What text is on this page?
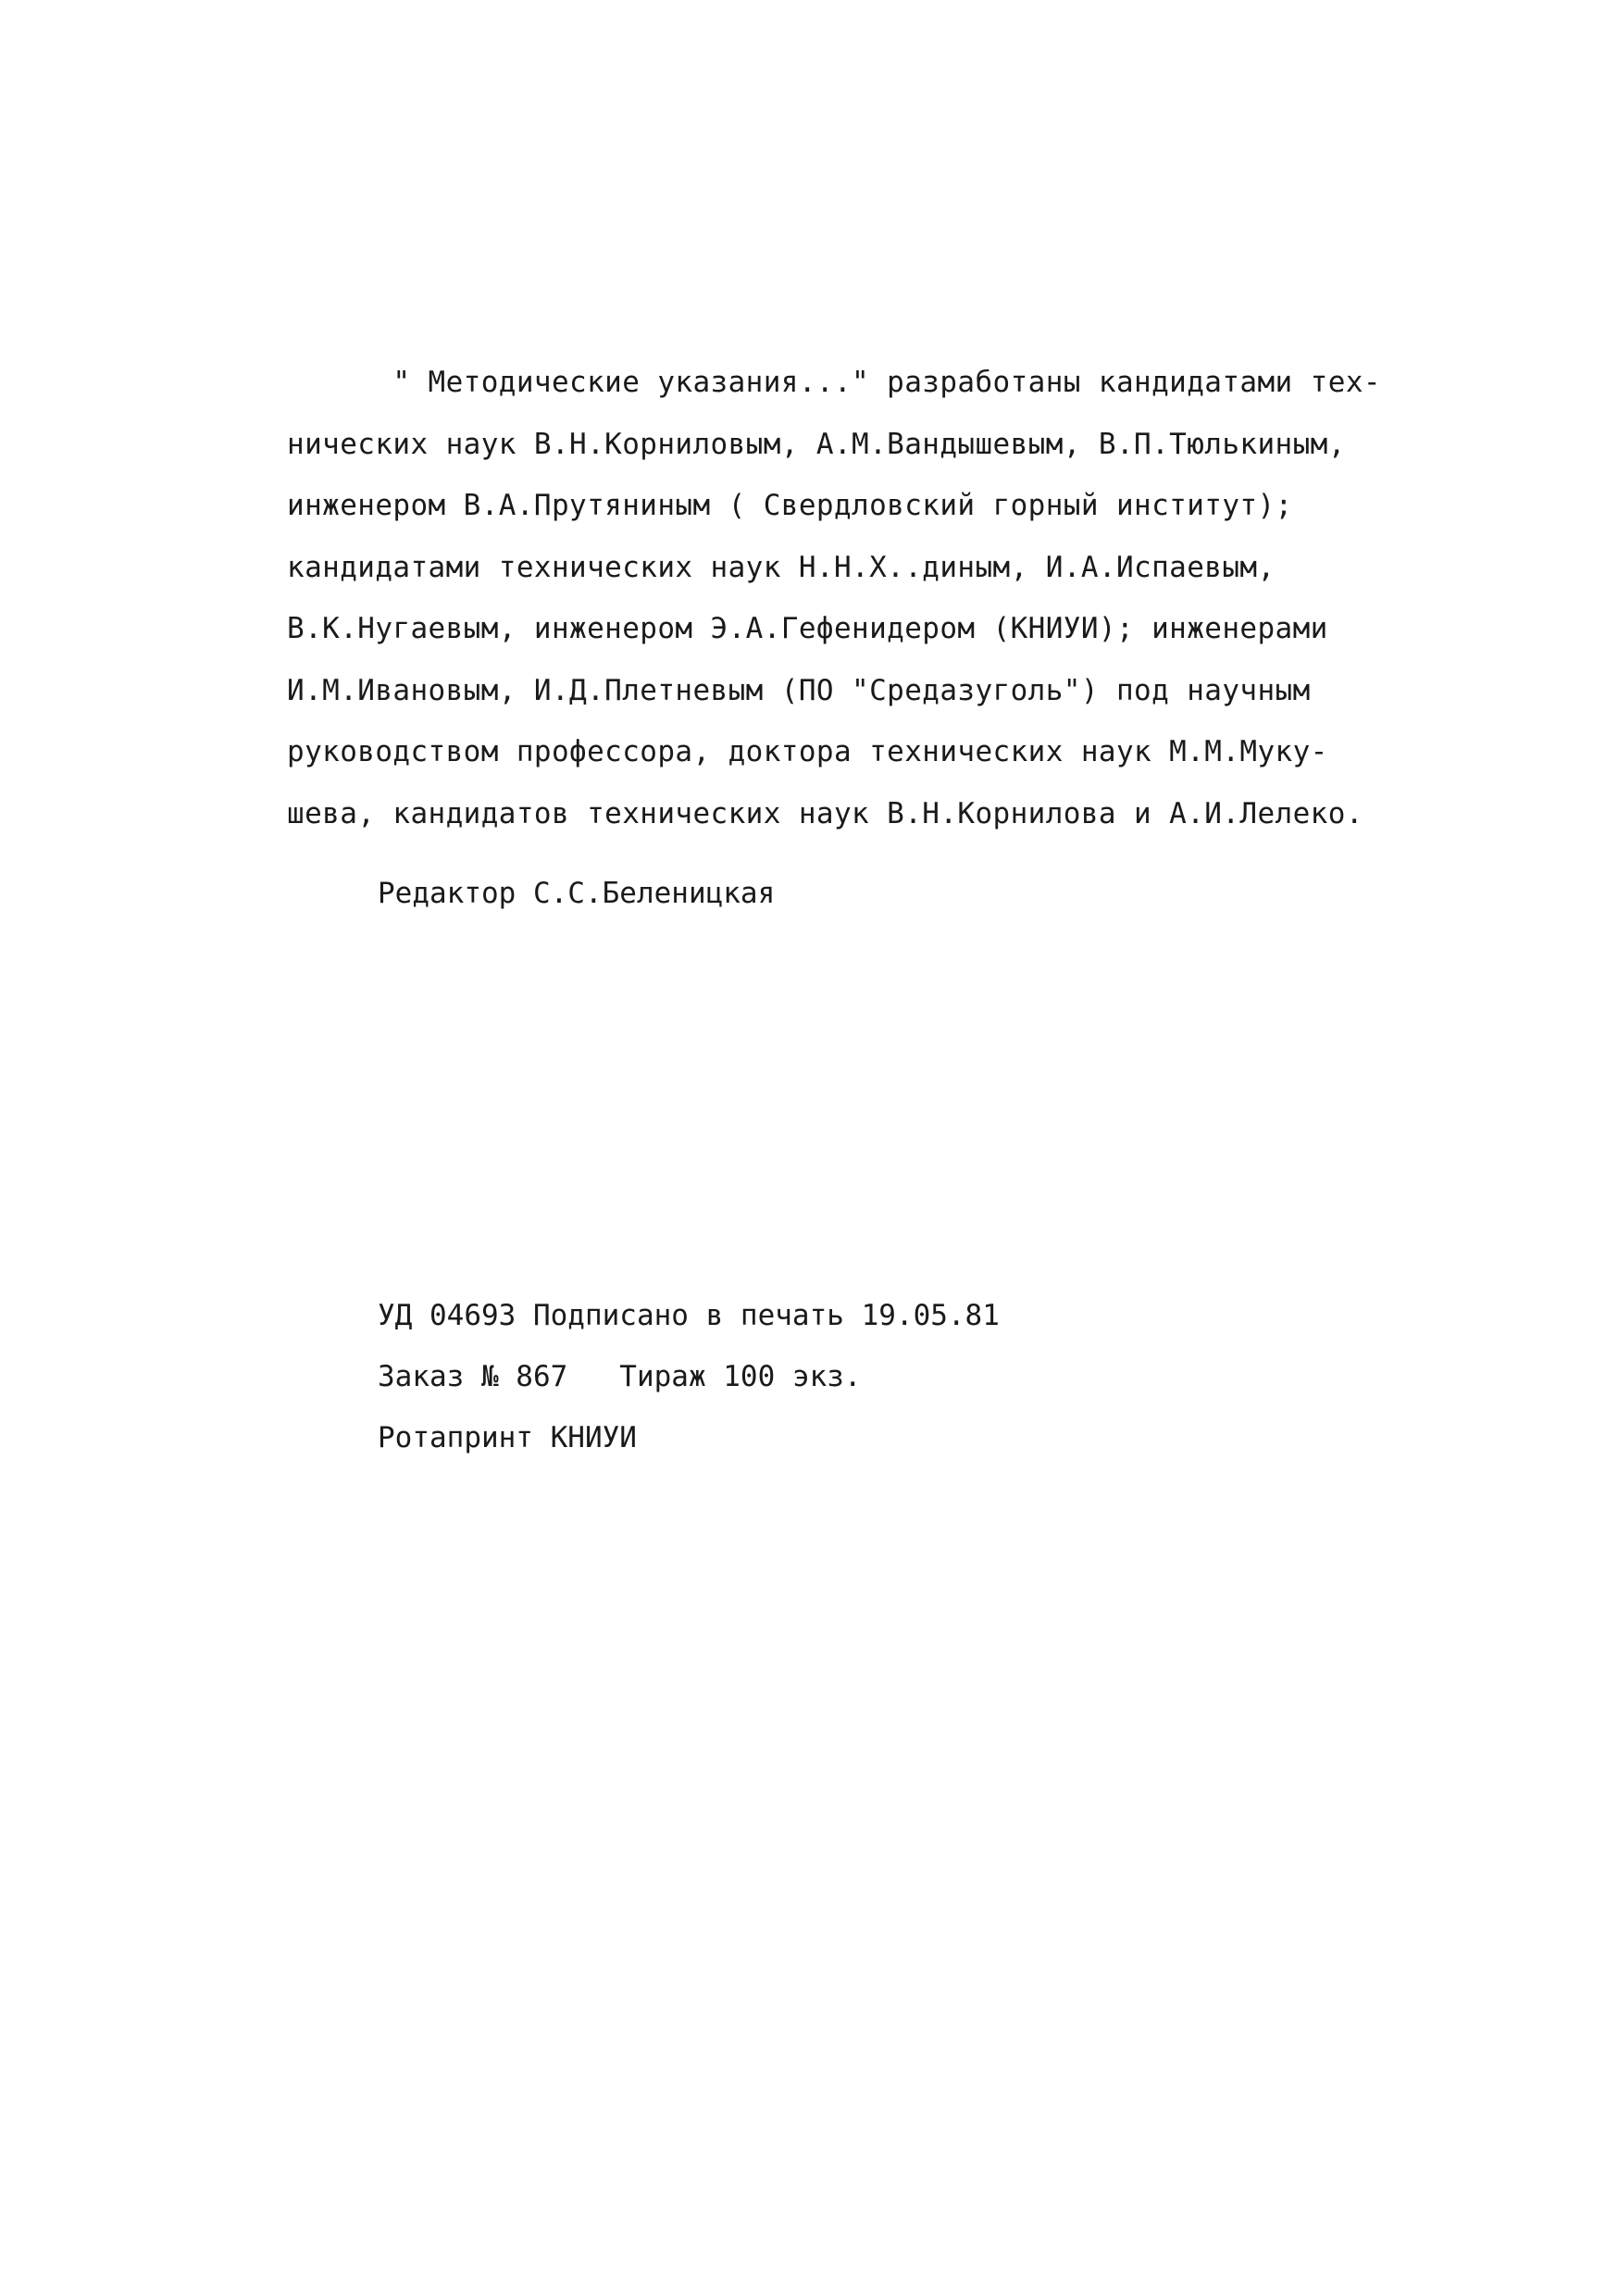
" Методические указания..." разработаны кандидатами тех-
нических наук В.Н.Корниловым, А.М.Вандышевым, В.П.Тюлькиным,
инженером В.А.Прутяниным ( Свердловский горный институт);
кандидатами технических наук Н.Н.Х..диным, И.А.Испаевым,
В.К.Нугаевым, инженером Э.А.Гефенидером (КНИУИ); инженерами
И.М.Ивановым, И.Д.Плетневым (ПО "Средазуголь") под научным
руководством профессора, доктора технических наук М.М.Муку-
шева, кандидатов технических наук В.Н.Корнилова и А.И.Лелеко.
Редактор С.С.Беленицкая
УД 04693 Подписано в печать 19.05.81
Заказ № 867   Тираж 100 экз.
Ротапринт КНИУИ
